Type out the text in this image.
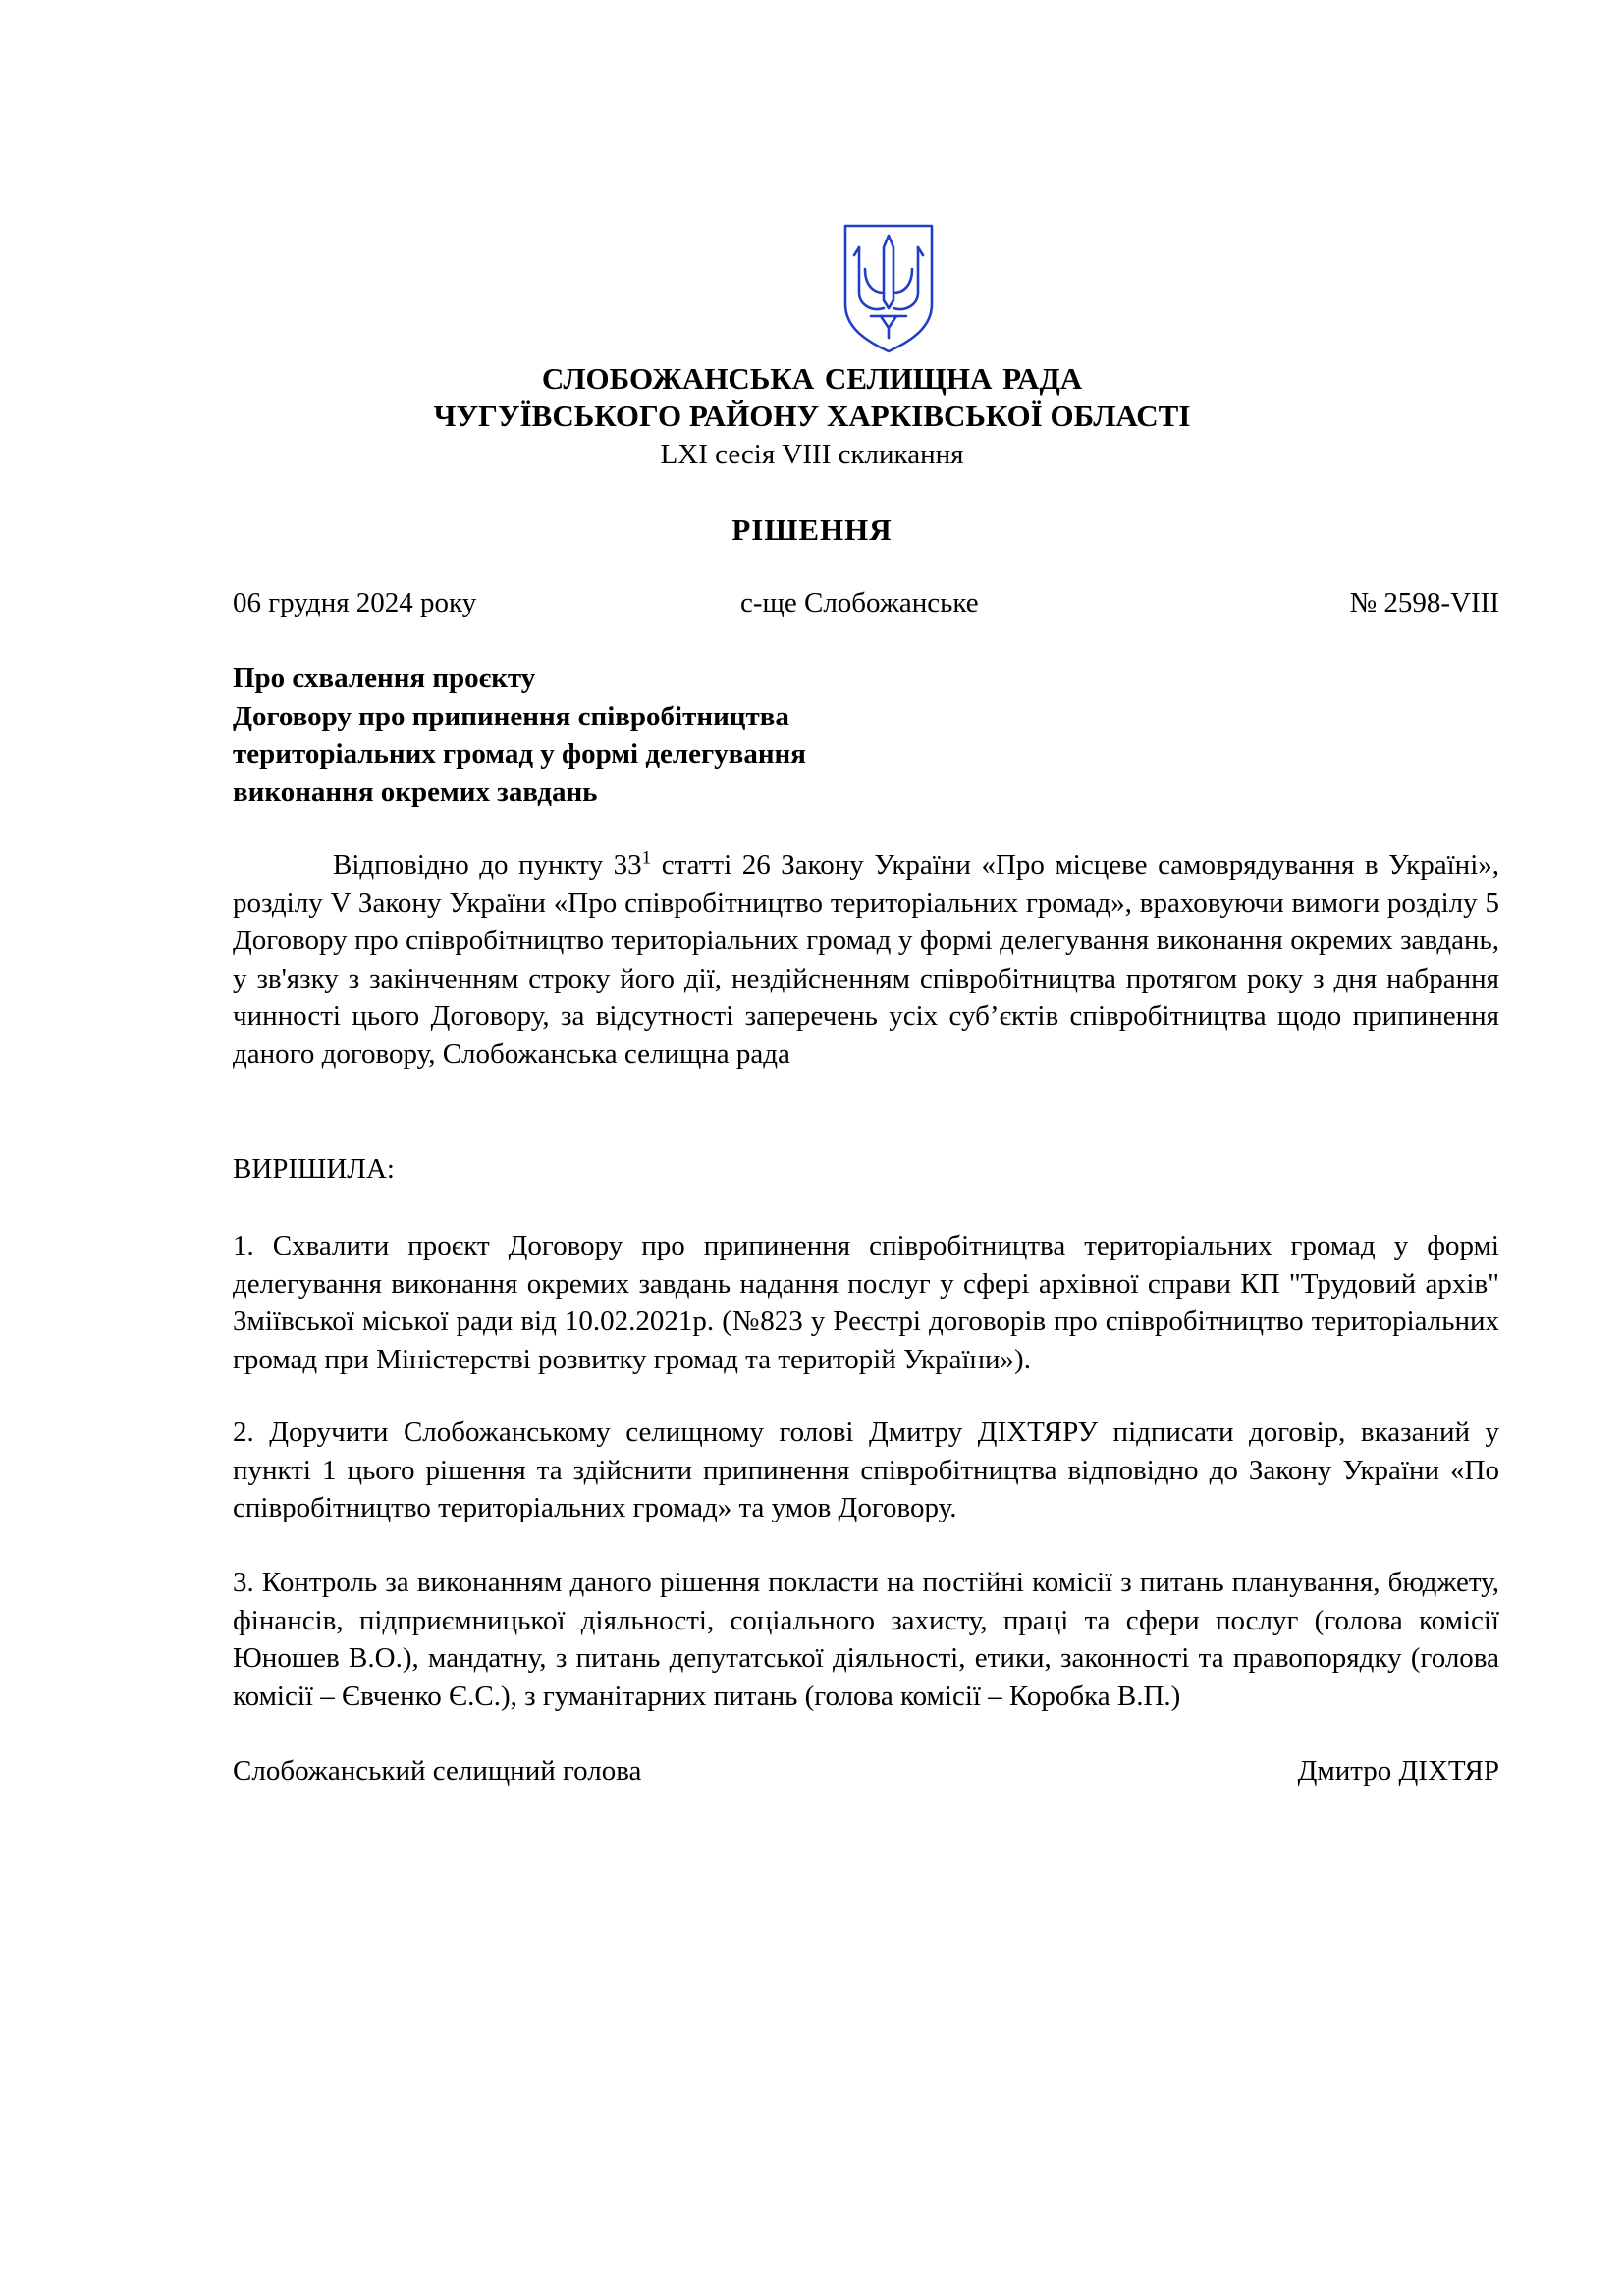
СЛОБОЖАНСЬКА СЕЛИЩНА РАДА
ЧУГУЇВСЬКОГО РАЙОНУ ХАРКІВСЬКОЇ ОБЛАСТІ
LXI сесія VIII скликання
РІШЕННЯ
06 грудня 2024 року	с-ще Слобожанське	№ 2598-VIII
Про схвалення проєкту
Договору про припинення співробітництва
територіальних громад у формі делегування
виконання окремих завдань

Відповідно до пункту $33^1$ статті 26 Закону України «Про місцеве самоврядування в Україні», розділу V Закону України «Про співробітництво територіальних громад», враховуючи вимоги розділу 5 Договору про співробітництво територіальних громад у формі делегування виконання окремих завдань, у зв'язку з закінченням строку його дії, нездійсненням співробітництва протягом року з дня набрання чинності цього Договору, за відсутності заперечень усіх суб’єктів співробітництва щодо припинення даного договору, Слобожанська селищна рада

ВИРІШИЛА:

1. Схвалити проєкт Договору про припинення співробітництва територіальних громад у формі делегування виконання окремих завдань надання послуг у сфері архівної справи КП "Трудовий архів" Зміївської міської ради від 10.02.2021р. (№823 у Реєстрі договорів про співробітництво територіальних громад при Міністерстві розвитку громад та територій України»).

2. Доручити Слобожанському селищному голові Дмитру ДІХТЯРУ підписати договір, вказаний у пункті 1 цього рішення та здійснити припинення співробітництва відповідно до Закону України «По співробітництво територіальних громад» та умов Договору.

3. Контроль за виконанням даного рішення покласти на постійні комісії з питань планування, бюджету, фінансів, підприємницької діяльності, соціального захисту, праці та сфери послуг (голова комісії Юношев В.О.), мандатну, з питань депутатської діяльності, етики, законності та правопорядку (голова комісії – Євченко Є.С.), з гуманітарних питань (голова комісії – Коробка В.П.)

Слобожанський селищний голова	Дмитро ДІХТЯР
